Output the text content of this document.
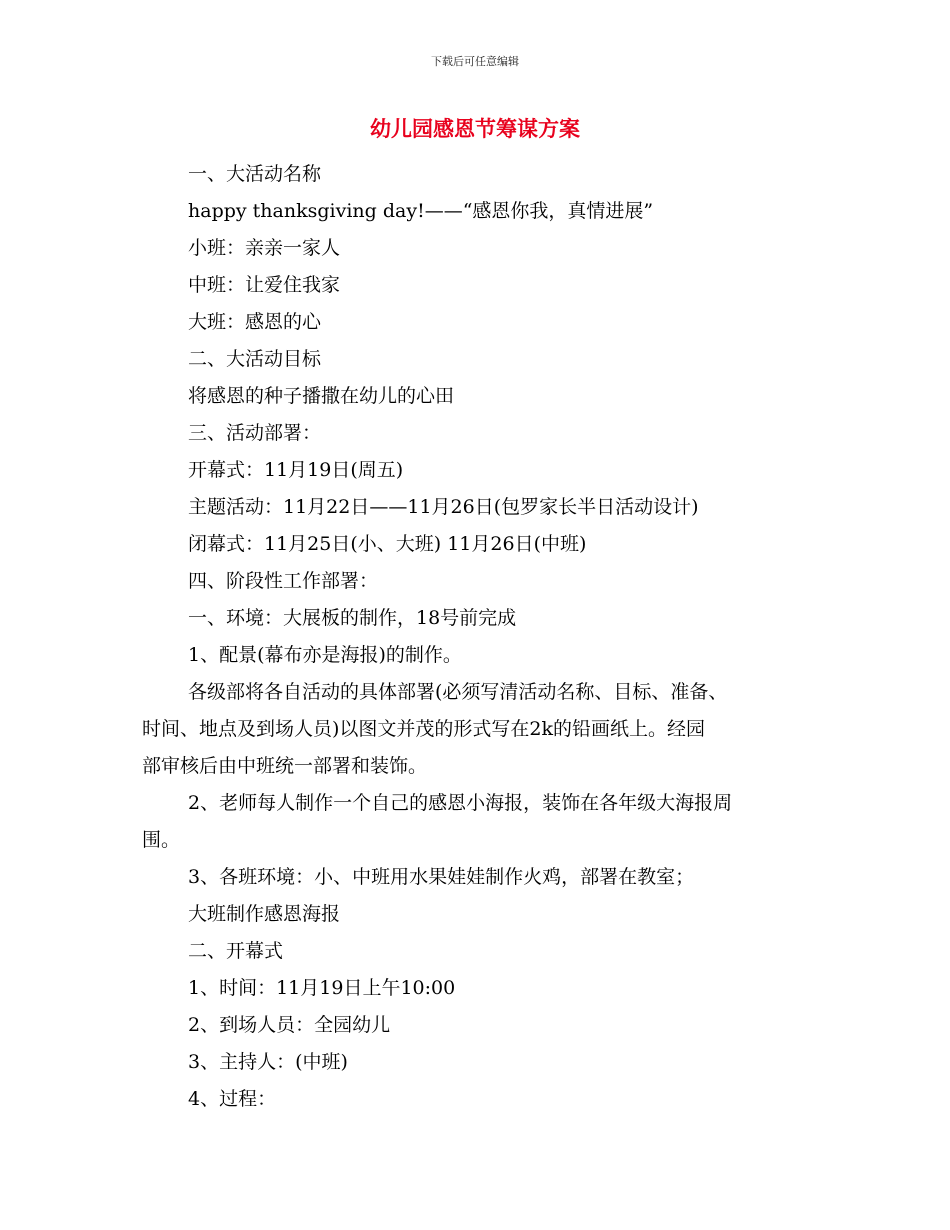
下载后可任意编辑
幼儿园感恩节筹谋方案
一、大活动名称
happy thanksgiving day!——“感恩你我，真情进展”
小班：亲亲一家人
中班：让爱住我家
大班：感恩的心
二、大活动目标
将感恩的种子播撒在幼儿的心田
三、活动部署：
开幕式：11月19日(周五)
主题活动：11月22日——11月26日(包罗家长半日活动设计)
闭幕式：11月25日(小、大班) 11月26日(中班)
四、阶段性工作部署：
一、环境：大展板的制作，18号前完成
1、配景(幕布亦是海报)的制作。
各级部将各自活动的具体部署(必须写清活动名称、目标、准备、
时间、地点及到场人员)以图文并茂的形式写在2k的铅画纸上。经园
部审核后由中班统一部署和装饰。
2、老师每人制作一个自己的感恩小海报，装饰在各年级大海报周
围。
3、各班环境：小、中班用水果娃娃制作火鸡，部署在教室；
大班制作感恩海报
二、开幕式
1、时间：11月19日上午10:00
2、到场人员：全园幼儿
3、主持人：(中班)
4、过程：
